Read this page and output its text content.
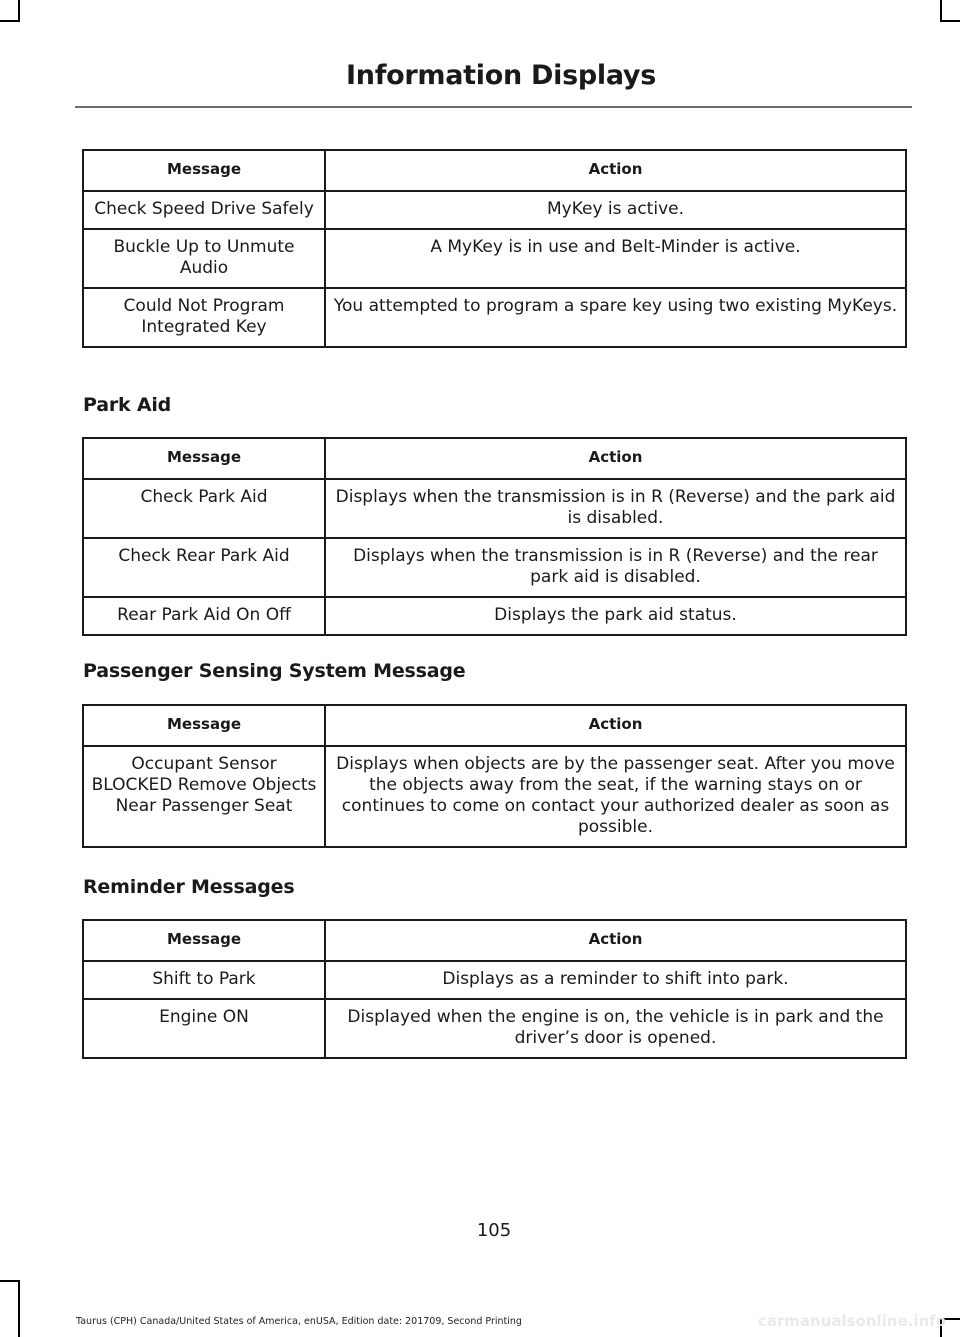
Information Displays
Message	Action
Check Speed Drive Safely	MyKey is active.
Buckle Up to Unmute Audio	A MyKey is in use and Belt-Minder is active.
Could Not Program Integrated Key	You attempted to program a spare key using two existing MyKeys.
Park Aid
Message	Action
Check Park Aid	Displays when the transmission is in R (Reverse) and the park aid is disabled.
Check Rear Park Aid	Displays when the transmission is in R (Reverse) and the rear park aid is disabled.
Rear Park Aid On Off	Displays the park aid status.
Passenger Sensing System Message
Message	Action
Occupant Sensor BLOCKED Remove Objects Near Passenger Seat	Displays when objects are by the passenger seat. After you move the objects away from the seat, if the warning stays on or continues to come on contact your authorized dealer as soon as possible.
Reminder Messages
Message	Action
Shift to Park	Displays as a reminder to shift into park.
Engine ON	Displayed when the engine is on, the vehicle is in park and the driver’s door is opened.
105
Taurus (CPH) Canada/United States of America, enUSA, Edition date: 201709, Second Printing	carmanualsonline.info
